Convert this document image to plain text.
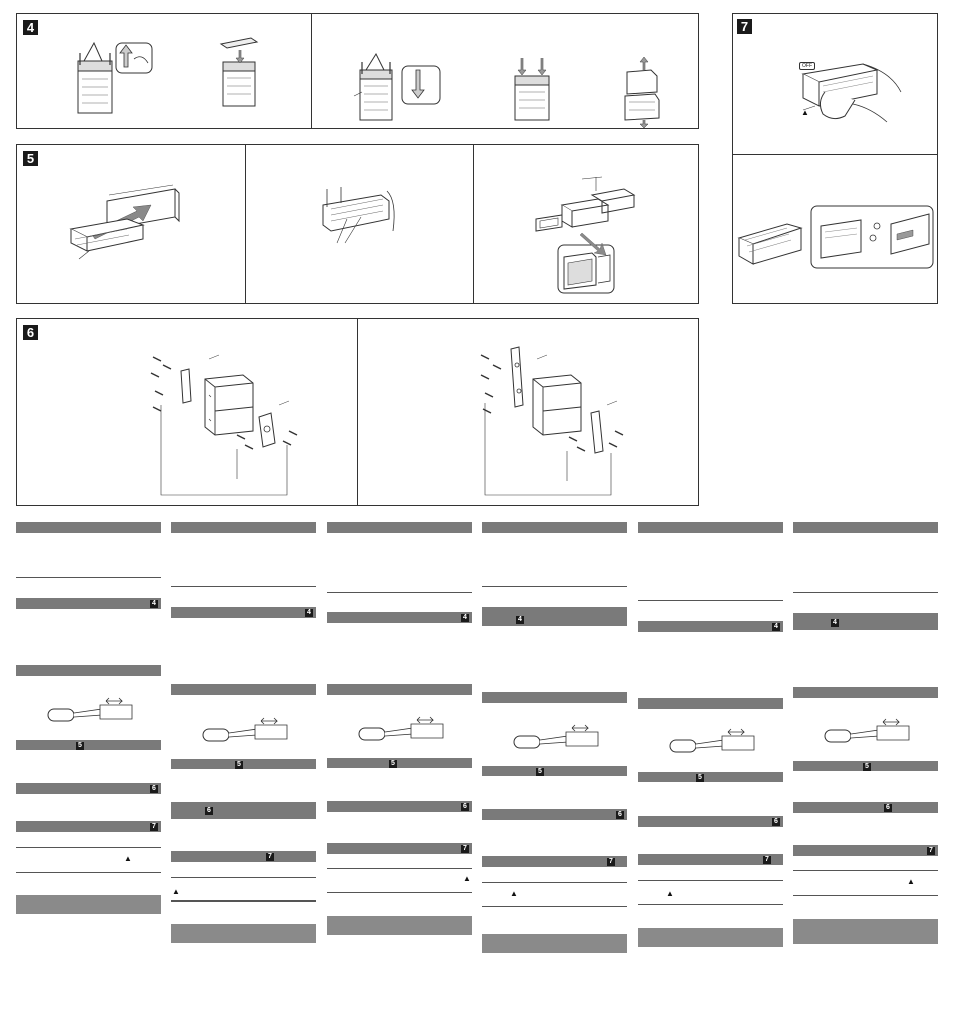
4	7
OFF
▲
5
6
4
5
6
7
▲
4
5
6
7
▲
4
5
6
7
▲
4
5
6
7
▲
4
5
6
7
▲
4
5
6
7
▲
